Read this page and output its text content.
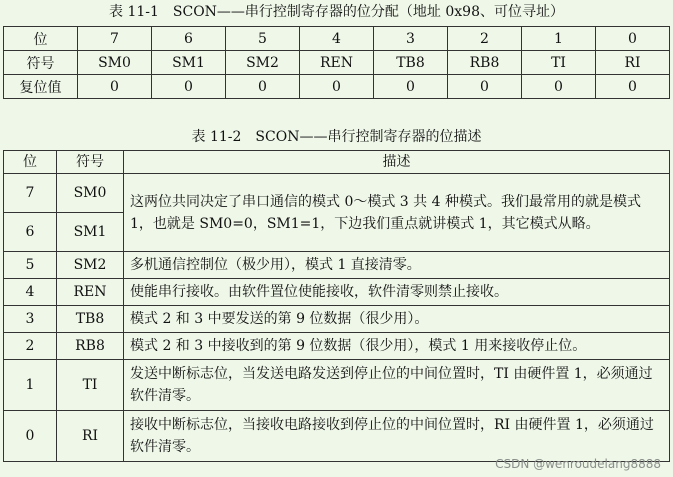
表 11-1　SCON——串行控制寄存器的位分配（地址 0x98、可位寻址）
位	7	6	5	4	3	2	1	0
符号	SM0	SM1	SM2	REN	TB8	RB8	TI	RI
复位值	0	0	0	0	0	0	0	0
表 11-2　SCON——串行控制寄存器的位描述
位	符号	描述
7	SM0	这两位共同决定了串口通信的模式 0～模式 3 共 4 种模式。我们最常用的就是模式 1，也就是 SM0=0，SM1=1，下边我们重点就讲模式 1，其它模式从略。
6	SM1	
5	SM2	多机通信控制位（极少用），模式 1 直接清零。
4	REN	使能串行接收。由软件置位使能接收，软件清零则禁止接收。
3	TB8	模式 2 和 3 中要发送的第 9 位数据（很少用）。
2	RB8	模式 2 和 3 中接收到的第 9 位数据（很少用），模式 1 用来接收停止位。
1	TI	发送中断标志位，当发送电路发送到停止位的中间位置时，TI 由硬件置 1，必须通过软件清零。
0	RI	接收中断标志位，当接收电路接收到停止位的中间位置时，RI 由硬件置 1，必须通过软件清零。
CSDN @wenroudelang8888
